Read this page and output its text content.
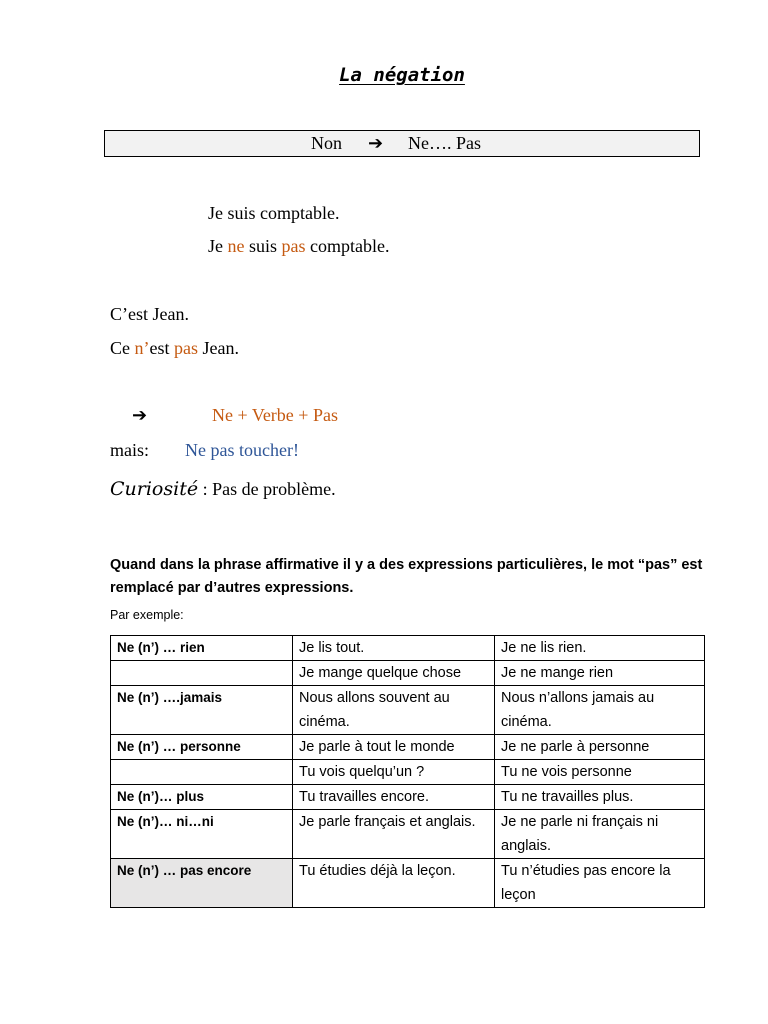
La négation
Non ➔ Ne…. Pas
Je suis comptable.
Je ne suis pas comptable.
C’est Jean.
Ce n’est pas Jean.
➔	Ne + Verbe + Pas
mais: Ne pas toucher!
Curiosité : Pas de problème.
Quand dans la phrase affirmative il y a des expressions particulières, le mot “pas” est remplacé par d’autres expressions.
Par exemple:
Ne (n’) … rien	Je lis tout.	Je ne lis rien.
	Je mange quelque chose	Je ne mange rien
Ne (n’) ….jamais	Nous allons souvent au cinéma.	Nous n’allons jamais au cinéma.
Ne (n’) … personne	Je parle à tout le monde	Je ne parle à personne
	Tu vois quelqu’un ?	Tu ne vois personne
Ne (n’)… plus	Tu travailles encore.	Tu ne travailles plus.
Ne (n’)… ni…ni	Je parle français et anglais.	Je ne parle ni français ni anglais.
Ne (n’) … pas encore	Tu étudies déjà la leçon.	Tu n’étudies pas encore la leçon
